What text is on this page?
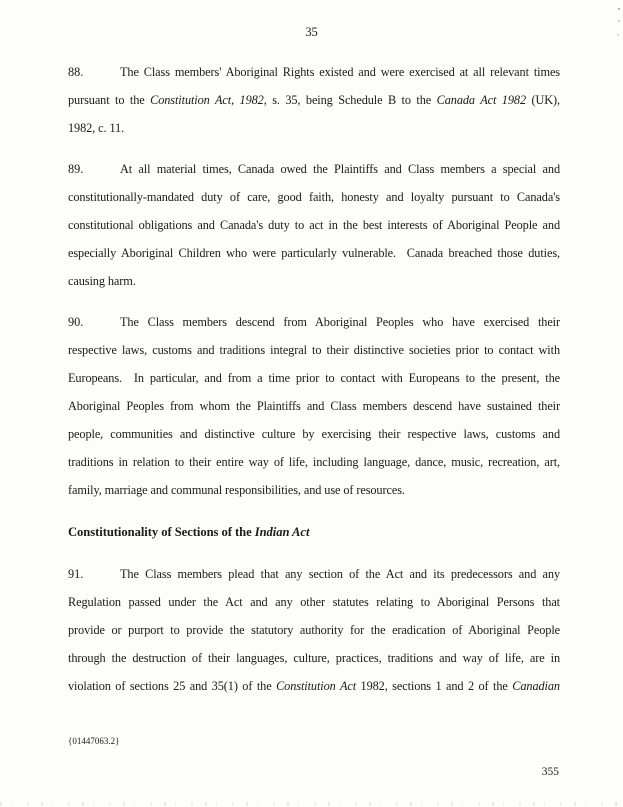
35
88.	The Class members' Aboriginal Rights existed and were exercised at all relevant times
pursuant to the Constitution Act, 1982, s. 35, being Schedule B to the Canada Act 1982 (UK),
1982, c. 11.
89.	At all material times, Canada owed the Plaintiffs and Class members a special and
constitutionally-mandated duty of care, good faith, honesty and loyalty pursuant to Canada's
constitutional obligations and Canada's duty to act in the best interests of Aboriginal People and
especially Aboriginal Children who were particularly vulnerable.  Canada breached those duties,
causing harm.
90.	The Class members descend from Aboriginal Peoples who have exercised their
respective laws, customs and traditions integral to their distinctive societies prior to contact with
Europeans.  In particular, and from a time prior to contact with Europeans to the present, the
Aboriginal Peoples from whom the Plaintiffs and Class members descend have sustained their
people, communities and distinctive culture by exercising their respective laws, customs and
traditions in relation to their entire way of life, including language, dance, music, recreation, art,
family, marriage and communal responsibilities, and use of resources.
Constitutionality of Sections of the Indian Act
91.	The Class members plead that any section of the Act and its predecessors and any
Regulation passed under the Act and any other statutes relating to Aboriginal Persons that
provide or purport to provide the statutory authority for the eradication of Aboriginal People
through the destruction of their languages, culture, practices, traditions and way of life, are in
violation of sections 25 and 35(1) of the Constitution Act 1982, sections 1 and 2 of the Canadian
{01447063.2}
355
